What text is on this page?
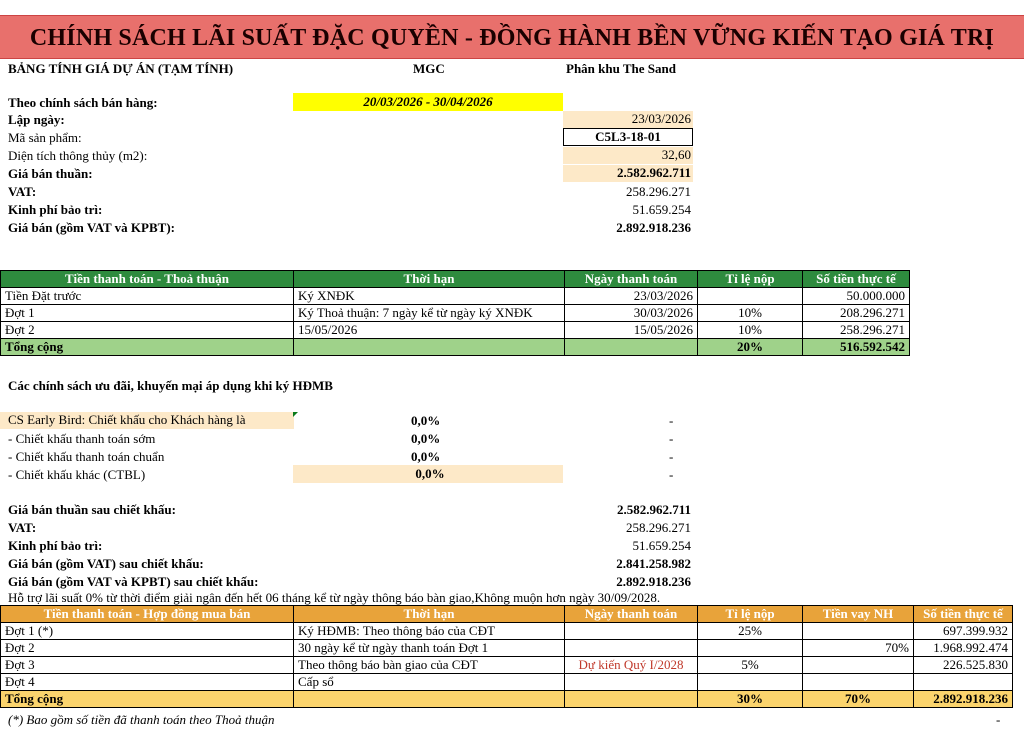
CHÍNH SÁCH LÃI SUẤT ĐẶC QUYỀN - ĐỒNG HÀNH BỀN VỮNG KIẾN TẠO GIÁ TRỊ
BẢNG TÍNH GIÁ DỰ ÁN (TẠM TÍNH)	MGC	Phân khu The Sand
Theo chính sách bán hàng:	20/03/2026 - 30/04/2026
Lập ngày:	23/03/2026
Mã sản phẩm:	C5L3-18-01
Diện tích thông thủy (m2):	32,60
Giá bán thuần:	2.582.962.711
VAT:	258.296.271
Kinh phí bảo trì:	51.659.254
Giá bán (gồm VAT và KPBT):	2.892.918.236
Tiền thanh toán - Thoả thuận	Thời hạn	Ngày thanh toán	Tỉ lệ nộp	Số tiền thực tế
Tiền Đặt trước	Ký XNĐK	23/03/2026		50.000.000
Đợt 1	Ký Thoả thuận: 7 ngày kể từ ngày ký XNĐK	30/03/2026	10%	208.296.271
Đợt 2	15/05/2026	15/05/2026	10%	258.296.271
Tổng cộng			20%	516.592.542
Các chính sách ưu đãi, khuyến mại áp dụng khi ký HĐMB
CS Early Bird: Chiết khấu cho Khách hàng là	0,0%	-
- Chiết khấu thanh toán sớm	0,0%	-
- Chiết khấu thanh toán chuẩn	0,0%	-
- Chiết khấu khác (CTBL)	0,0%	-
Giá bán thuần sau chiết khấu:	2.582.962.711
VAT:	258.296.271
Kinh phí bảo trì:	51.659.254
Giá bán (gồm VAT) sau chiết khấu:	2.841.258.982
Giá bán (gồm VAT và KPBT) sau chiết khấu:	2.892.918.236
Hỗ trợ lãi suất 0% từ thời điểm giải ngân đến hết 06 tháng kể từ ngày thông báo bàn giao,Không muộn hơn ngày 30/09/2028.
Tiền thanh toán - Hợp đồng mua bán	Thời hạn	Ngày thanh toán	Tỉ lệ nộp	Tiền vay NH	Số tiền thực tế
Đợt 1 (*)	Ký HĐMB: Theo thông báo của CĐT		25%		697.399.932
Đợt 2	30 ngày kể từ ngày thanh toán Đợt 1			70%	1.968.992.474
Đợt 3	Theo thông báo bàn giao của CĐT	Dự kiến Quý I/2028	5%		226.525.830
Đợt 4	Cấp sổ				
Tổng cộng			30%	70%	2.892.918.236
(*) Bao gồm số tiền đã thanh toán theo Thoả thuận	-
